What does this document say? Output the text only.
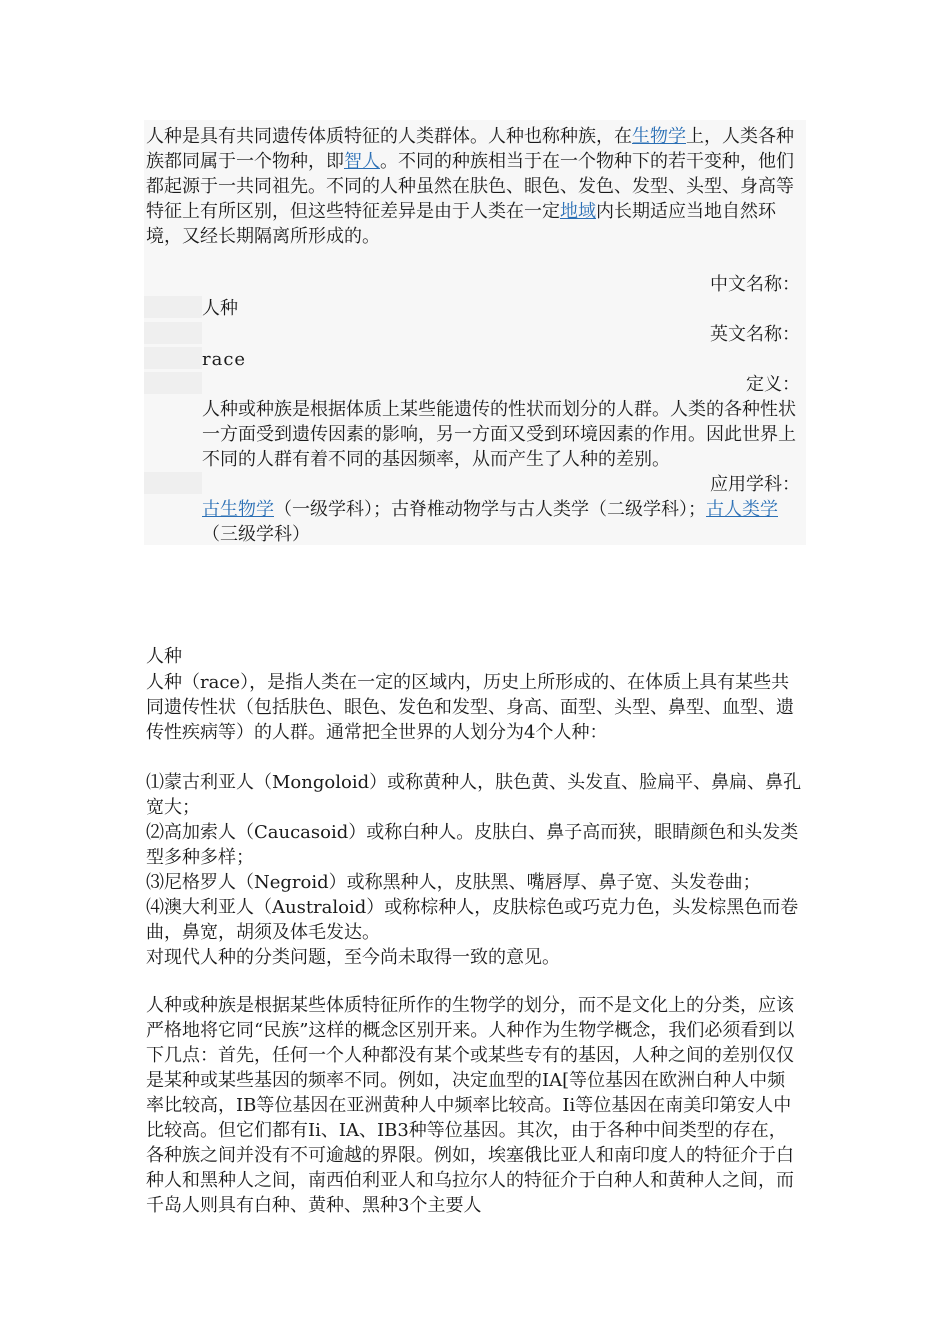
人种是具有共同遗传体质特征的人类群体。人种也称种族，在生物学上，人类各种族都同属于一个物种，即智人。不同的种族相当于在一个物种下的若干变种，他们都起源于一共同祖先。不同的人种虽然在肤色、眼色、发色、发型、头型、身高等特征上有所区别，但这些特征差异是由于人类在一定地域内长期适应当地自然环境，又经长期隔离所形成的。

中文名称：
人种
英文名称：
race
定义：
人种或种族是根据体质上某些能遗传的性状而划分的人群。人类的各种性状一方面受到遗传因素的影响，另一方面又受到环境因素的作用。因此世界上不同的人群有着不同的基因频率，从而产生了人种的差别。
应用学科：
古生物学（一级学科）；古脊椎动物学与古人类学（二级学科）；古人类学（三级学科）
人种

人种（race），是指人类在一定的区域内，历史上所形成的、在体质上具有某些共同遗传性状（包括肤色、眼色、发色和发型、身高、面型、头型、鼻型、血型、遗传性疾病等）的人群。通常把全世界的人划分为4个人种：

⑴蒙古利亚人（Mongoloid）或称黄种人，肤色黄、头发直、脸扁平、鼻扁、鼻孔宽大；
⑵高加索人（Caucasoid）或称白种人。皮肤白、鼻子高而狭，眼睛颜色和头发类型多种多样；
⑶尼格罗人（Negroid）或称黑种人，皮肤黑、嘴唇厚、鼻子宽、头发卷曲；
⑷澳大利亚人（Australoid）或称棕种人，皮肤棕色或巧克力色，头发棕黑色而卷曲，鼻宽，胡须及体毛发达。
对现代人种的分类问题，至今尚未取得一致的意见。

人种或种族是根据某些体质特征所作的生物学的划分，而不是文化上的分类，应该严格地将它同“民族”这样的概念区别开来。人种作为生物学概念，我们必须看到以下几点：首先，任何一个人种都没有某个或某些专有的基因，人种之间的差别仅仅是某种或某些基因的频率不同。例如，决定血型的IA[等位基因在欧洲白种人中频率比较高，IB等位基因在亚洲黄种人中频率比较高。Ii等位基因在南美印第安人中比较高。但它们都有Ii、IA、IB3种等位基因。其次，由于各种中间类型的存在，各种族之间并没有不可逾越的界限。例如，埃塞俄比亚人和南印度人的特征介于白种人和黑种人之间，南西伯利亚人和乌拉尔人的特征介于白种人和黄种人之间，而千岛人则具有白种、黄种、黑种3个主要人
